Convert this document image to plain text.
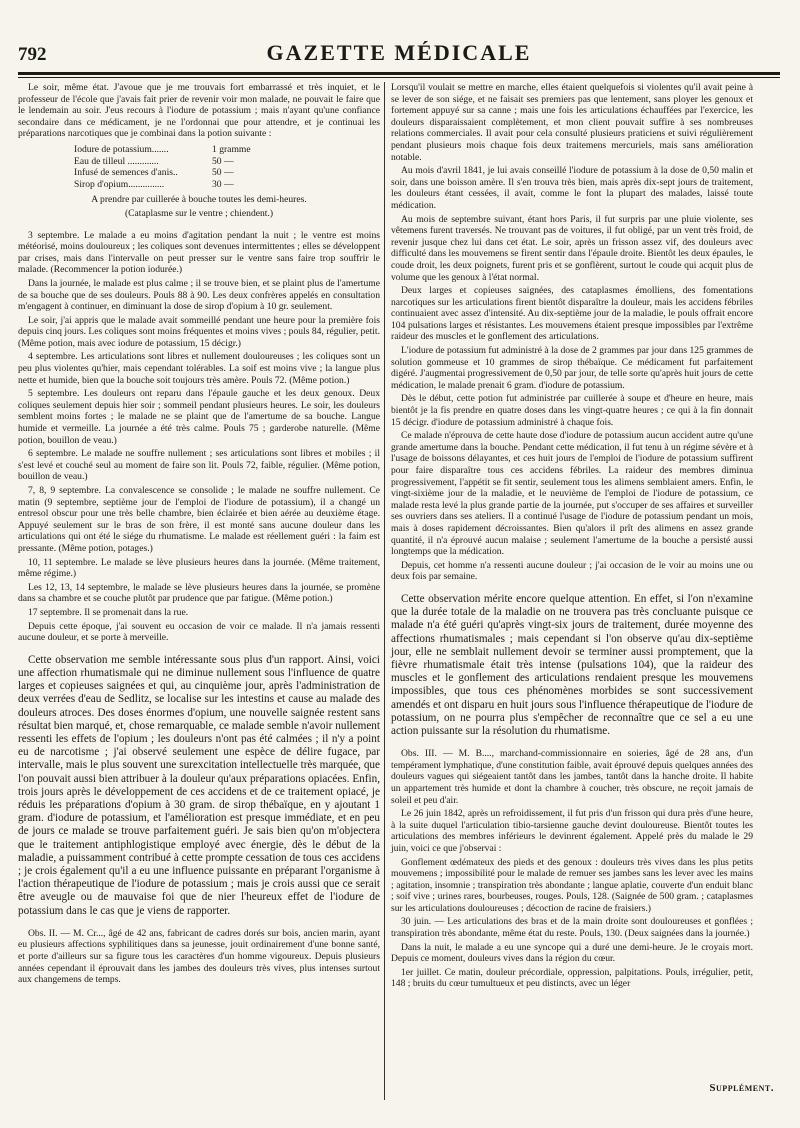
792	GAZETTE MÉDICALE

Le soir, même état. J'avoue que je me trouvais fort embarrassé et très inquiet, et le professeur de l'école que j'avais fait prier de revenir voir mon malade, ne pouvait le faire que le lendemain au soir. J'eus recours à l'iodure de potassium ; mais n'ayant qu'une confiance secondaire dans ce médicament, je ne l'ordonnai que pour attendre, et je continuai les préparations narcotiques que je combinai dans la potion suivante :

Iodure de potassium.......	1 gramme
Eau de tilleul .............	50 —
Infusé de semences d'anis..	50 —
Sirop d'opium...............	30 —

A prendre par cuillerée à bouche toutes les demi-heures.

(Cataplasme sur le ventre ; chiendent.)

3 septembre. Le malade a eu moins d'agitation pendant la nuit ; le ventre est moins météorisé, moins douloureux ; les coliques sont devenues intermittentes ; elles se développent par crises, mais dans l'intervalle on peut presser sur le ventre sans faire trop souffrir le malade. (Recommencer la potion iodurée.)

Dans la journée, le malade est plus calme ; il se trouve bien, et se plaint plus de l'amertume de sa bouche que de ses douleurs. Pouls 88 à 90. Les deux confrères appelés en consultation m'engagent à continuer, en diminuant la dose de sirop d'opium à 10 gr. seulement.

Le soir, j'ai appris que le malade avait sommeillé pendant une heure pour la première fois depuis cinq jours. Les coliques sont moins fréquentes et moins vives ; pouls 84, régulier, petit. (Même potion, mais avec iodure de potassium, 15 décigr.)

4 septembre. Les articulations sont libres et nullement douloureuses ; les coliques sont un peu plus violentes qu'hier, mais cependant tolérables. La soif est moins vive ; la langue plus nette et humide, bien que la bouche soit toujours très amère. Pouls 72. (Même potion.)

5 septembre. Les douleurs ont reparu dans l'épaule gauche et les deux genoux. Deux coliques seulement depuis hier soir ; sommeil pendant plusieurs heures. Le soir, les douleurs semblent moins fortes ; le malade ne se plaint que de l'amertume de sa bouche. Langue humide et vermeille. La journée a été très calme. Pouls 75 ; garderobe naturelle. (Même potion, bouillon de veau.)

6 septembre. Le malade ne souffre nullement ; ses articulations sont libres et mobiles ; il s'est levé et couché seul au moment de faire son lit. Pouls 72, faible, régulier. (Même potion, bouillon de veau.)

7, 8, 9 septembre. La convalescence se consolide ; le malade ne souffre nullement. Ce matin (9 septembre, septième jour de l'emploi de l'iodure de potassium), il a changé un entresol obscur pour une très belle chambre, bien éclairée et bien aérée au deuxième étage. Appuyé seulement sur le bras de son frère, il est monté sans aucune douleur dans les articulations qui ont été le siége du rhumatisme. Le malade est réellement guéri : la faim est pressante. (Même potion, potages.)

10, 11 septembre. Le malade se lève plusieurs heures dans la journée. (Même traitement, même régime.)

Les 12, 13, 14 septembre, le malade se lève plusieurs heures dans la journée, se promène dans sa chambre et se couche plutôt par prudence que par fatigue. (Même potion.)

17 septembre. Il se promenait dans la rue.

Depuis cette époque, j'ai souvent eu occasion de voir ce malade. Il n'a jamais ressenti aucune douleur, et se porte à merveille.

Cette observation me semble intéressante sous plus d'un rapport. Ainsi, voici une affection rhumatismale qui ne diminue nullement sous l'influence de quatre larges et copieuses saignées et qui, au cinquième jour, après l'administration de deux verrées d'eau de Sedlitz, se localise sur les intestins et cause au malade des douleurs atroces. Des doses énormes d'opium, une nouvelle saignée restent sans résultat bien marqué, et, chose remarquable, ce malade semble n'avoir nullement ressenti les effets de l'opium ; les douleurs n'ont pas été calmées ; il n'y a point eu de narcotisme ; j'ai observé seulement une espèce de délire fugace, par intervalle, mais le plus souvent une surexcitation intellectuelle très marquée, que l'on pouvait aussi bien attribuer à la douleur qu'aux préparations opiacées. Enfin, trois jours après le développement de ces accidens et de ce traitement opiacé, je réduis les préparations d'opium à 30 gram. de sirop thébaïque, en y ajoutant 1 gram. d'iodure de potassium, et l'amélioration est presque immédiate, et en peu de jours ce malade se trouve parfaitement guéri. Je sais bien qu'on m'objectera que le traitement antiphlogistique employé avec énergie, dès le début de la maladie, a puissamment contribué à cette prompte cessation de tous ces accidens ; je crois également qu'il a eu une influence puissante en préparant l'organisme à l'action thérapeutique de l'iodure de potassium ; mais je crois aussi que ce serait être aveugle ou de mauvaise foi que de nier l'heureux effet de l'iodure de potassium dans le cas que je viens de rapporter.

Obs. II. — M. Cr..., âgé de 42 ans, fabricant de cadres dorés sur bois, ancien marin, ayant eu plusieurs affections syphilitiques dans sa jeunesse, jouit ordinairement d'une bonne santé, et porte d'ailleurs sur sa figure tous les caractères d'un homme vigoureux. Depuis plusieurs années cependant il éprouvait dans les jambes des douleurs très vives, plus intenses surtout aux changemens de temps.

Lorsqu'il voulait se mettre en marche, elles étaient quelquefois si violentes qu'il avait peine à se lever de son siége, et ne faisait ses premiers pas que lentement, sans ployer les genoux et fortement appuyé sur sa canne ; mais une fois les articulations échauffées par l'exercice, les douleurs disparaissaient complètement, et mon client pouvait suffire à ses nombreuses relations commerciales. Il avait pour cela consulté plusieurs praticiens et suivi régulièrement pendant plusieurs mois chaque fois deux traitemens mercuriels, mais sans amélioration notable.

Au mois d'avril 1841, je lui avais conseillé l'iodure de potassium à la dose de 0,50 malin et soir, dans une boisson amère. Il s'en trouva très bien, mais après dix-sept jours de traitement, les douleurs étant cessées, il avait, comme le font la plupart des malades, laissé toute médication.

Au mois de septembre suivant, étant hors Paris, il fut surpris par une pluie violente, ses vêtemens furent traversés. Ne trouvant pas de voitures, il fut obligé, par un vent très froid, de revenir jusque chez lui dans cet état. Le soir, après un frisson assez vif, des douleurs avec difficulté dans les mouvemens se firent sentir dans l'épaule droite. Bientôt les deux épaules, le coude droit, les deux poignets, furent pris et se gonflèrent, surtout le coude qui acquit plus de volume que les genoux à l'état normal.

Deux larges et copieuses saignées, des cataplasmes émolliens, des fomentations narcotiques sur les articulations firent bientôt disparaître la douleur, mais les accidens fébriles continuaient avec assez d'intensité. Au dix-septième jour de la maladie, le pouls offrait encore 104 pulsations larges et résistantes. Les mouvemens étaient presque impossibles par l'extrême raideur des muscles et le gonflement des articulations.

L'iodure de potassium fut administré à la dose de 2 grammes par jour dans 125 grammes de solution gommeuse et 10 grammes de sirop thébaïque. Ce médicament fut parfaitement digéré. J'augmentai progressivement de 0,50 par jour, de telle sorte qu'après huit jours de cette médication, le malade prenait 6 gram. d'iodure de potassium.

Dès le début, cette potion fut administrée par cuillerée à soupe et d'heure en heure, mais bientôt je la fis prendre en quatre doses dans les vingt-quatre heures ; ce qui à la fin donnait 15 décigr. d'iodure de potassium administré à chaque fois.

Ce malade n'éprouva de cette haute dose d'iodure de potassium aucun accident autre qu'une grande amertume dans la bouche. Pendant cette médication, il fut tenu à un régime sévère et à l'usage de boissons délayantes, et ces huit jours de l'emploi de l'iodure de potassium suffirent pour faire disparaître tous ces accidens fébriles. La raideur des membres diminua progressivement, l'appétit se fit sentir, seulement tous les alimens semblaient amers. Enfin, le vingt-sixième jour de la maladie, et le neuvième de l'emploi de l'iodure de potassium, ce malade resta levé la plus grande partie de la journée, put s'occuper de ses affaires et surveiller ses ouvriers dans ses ateliers. Il a continué l'usage de l'iodure de potassium pendant un mois, mais à doses rapidement décroissantes. Bien qu'alors il prît des alimens en assez grande quantité, il n'a éprouvé aucun malaise ; seulement l'amertume de la bouche a persisté aussi longtemps que la médication.

Depuis, cet homme n'a ressenti aucune douleur ; j'ai occasion de le voir au moins une ou deux fois par semaine.

Cette observation mérite encore quelque attention. En effet, si l'on n'examine que la durée totale de la maladie on ne trouvera pas très concluante puisque ce malade n'a été guéri qu'après vingt-six jours de traitement, durée moyenne des affections rhumatismales ; mais cependant si l'on observe qu'au dix-septième jour, elle ne semblait nullement devoir se terminer aussi promptement, que la fièvre rhumatismale était très intense (pulsations 104), que la raideur des muscles et le gonflement des articulations rendaient presque les mouvemens impossibles, que tous ces phénomènes morbides se sont successivement amendés et ont disparu en huit jours sous l'influence thérapeutique de l'iodure de potassium, on ne pourra plus s'empêcher de reconnaître que ce sel a eu une action puissante sur la résolution du rhumatisme.

Obs. III. — M. B...., marchand-commissionnaire en soieries, âgé de 28 ans, d'un tempérament lymphatique, d'une constitution faible, avait éprouvé depuis quelques années des douleurs vagues qui siégeaient tantôt dans les jambes, tantôt dans la hanche droite. Il habite un appartement très humide et dont la chambre à coucher, très obscure, ne reçoit jamais de soleil et peu d'air.

Le 26 juin 1842, après un refroidissement, il fut pris d'un frisson qui dura près d'une heure, à la suite duquel l'articulation tibio-tarsienne gauche devint douloureuse. Bientôt toutes les articulations des membres inférieurs le devinrent également. Appelé près du malade le 29 juin, voici ce que j'observai :

Gonflement œdémateux des pieds et des genoux : douleurs très vives dans les plus petits mouvemens ; impossibilité pour le malade de remuer ses jambes sans les lever avec les mains ; agitation, insomnie ; transpiration très abondante ; langue aplatie, couverte d'un enduit blanc ; soif vive ; urines rares, bourbeuses, rouges. Pouls, 128. (Saignée de 500 gram. ; cataplasmes sur les articulations douloureuses ; décoction de racine de fraisiers.)

30 juin. — Les articulations des bras et de la main droite sont douloureuses et gonflées ; transpiration très abondante, même état du reste. Pouls, 130. (Deux saignées dans la journée.)

Dans la nuit, le malade a eu une syncope qui a duré une demi-heure. Je le croyais mort. Depuis ce moment, douleurs vives dans la région du cœur.

1er juillet. Ce matin, douleur précordiale, oppression, palpitations. Pouls, irrégulier, petit, 148 ; bruits du cœur tumultueux et peu distincts, avec un léger

Supplément.
